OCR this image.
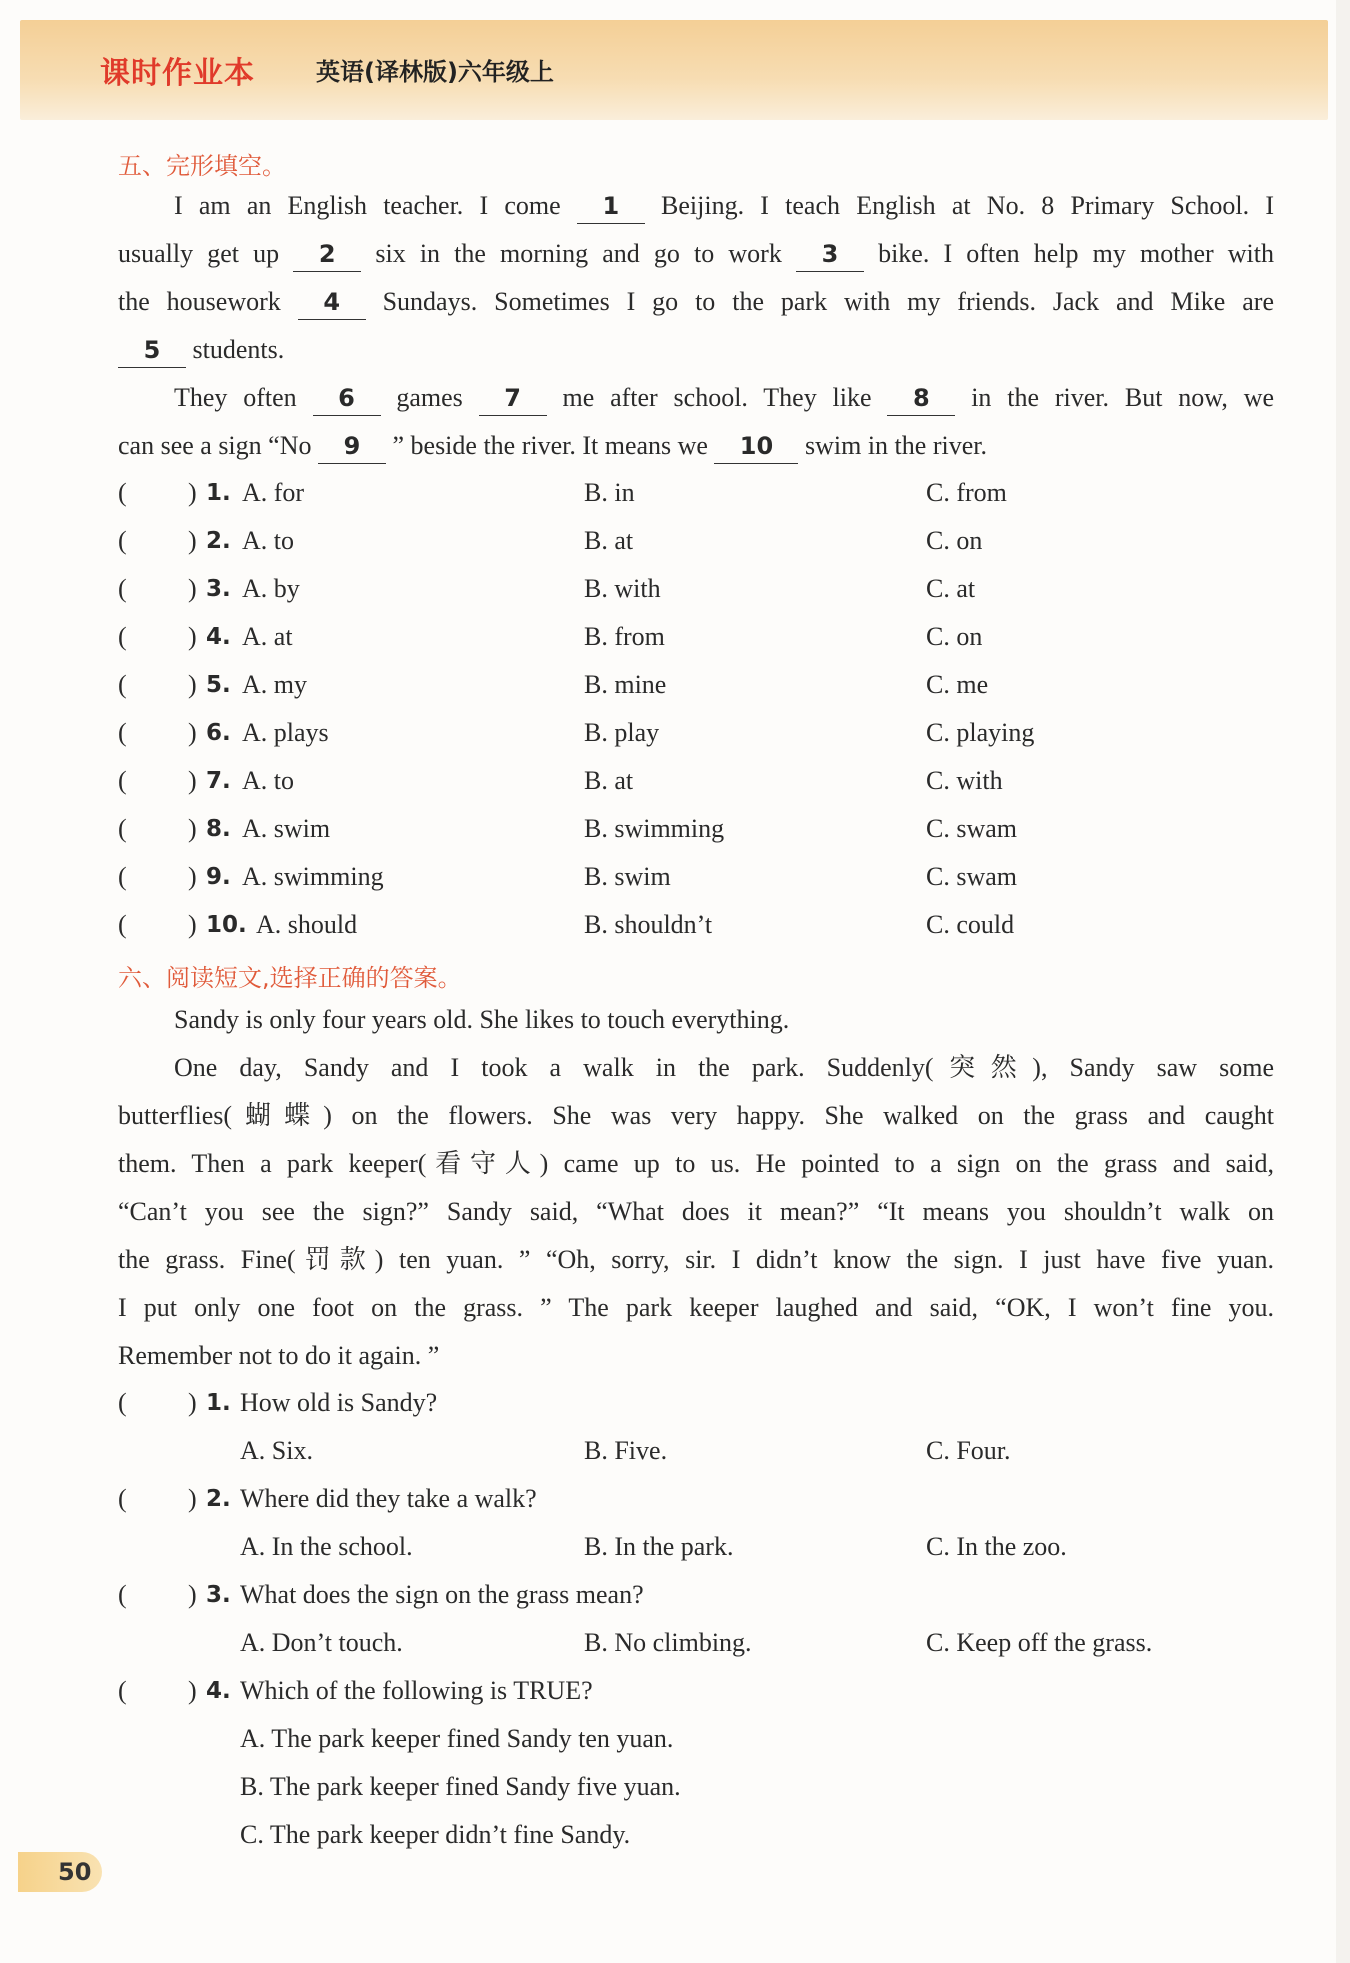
课时作业本	英语(译林版)六年级上
五、完形填空。
I am an English teacher. I come 1 Beijing. I teach English at No. 8 Primary School. I
usually get up 2 six in the morning and go to work 3 bike. I often help my mother with
the housework 4 Sundays. Sometimes I go to the park with my friends. Jack and Mike are
5 students.
They often 6 games 7 me after school. They like 8 in the river. But now, we
can see a sign “No 9 ” beside the river. It means we 10 swim in the river.
( ) 1. A. for	B. in	C. from
( ) 2. A. to	B. at	C. on
( ) 3. A. by	B. with	C. at
( ) 4. A. at	B. from	C. on
( ) 5. A. my	B. mine	C. me
( ) 6. A. plays	B. play	C. playing
( ) 7. A. to	B. at	C. with
( ) 8. A. swim	B. swimming	C. swam
( ) 9. A. swimming	B. swim	C. swam
( ) 10. A. should	B. shouldn’t	C. could
六、阅读短文,选择正确的答案。
Sandy is only four years old. She likes to touch everything.
One day, Sandy and I took a walk in the park. Suddenly(突然), Sandy saw some
butterflies(蝴蝶) on the flowers. She was very happy. She walked on the grass and caught
them. Then a park keeper(看守人) came up to us. He pointed to a sign on the grass and said,
“Can’t you see the sign?” Sandy said, “What does it mean?” “It means you shouldn’t walk on
the grass. Fine(罚款) ten yuan. ” “Oh, sorry, sir. I didn’t know the sign. I just have five yuan.
I put only one foot on the grass. ” The park keeper laughed and said, “OK, I won’t fine you.
Remember not to do it again. ”
( ) 1. How old is Sandy?
A. Six.	B. Five.	C. Four.
( ) 2. Where did they take a walk?
A. In the school.	B. In the park.	C. In the zoo.
( ) 3. What does the sign on the grass mean?
A. Don’t touch.	B. No climbing.	C. Keep off the grass.
( ) 4. Which of the following is TRUE?
A. The park keeper fined Sandy ten yuan.
B. The park keeper fined Sandy five yuan.
C. The park keeper didn’t fine Sandy.
50
